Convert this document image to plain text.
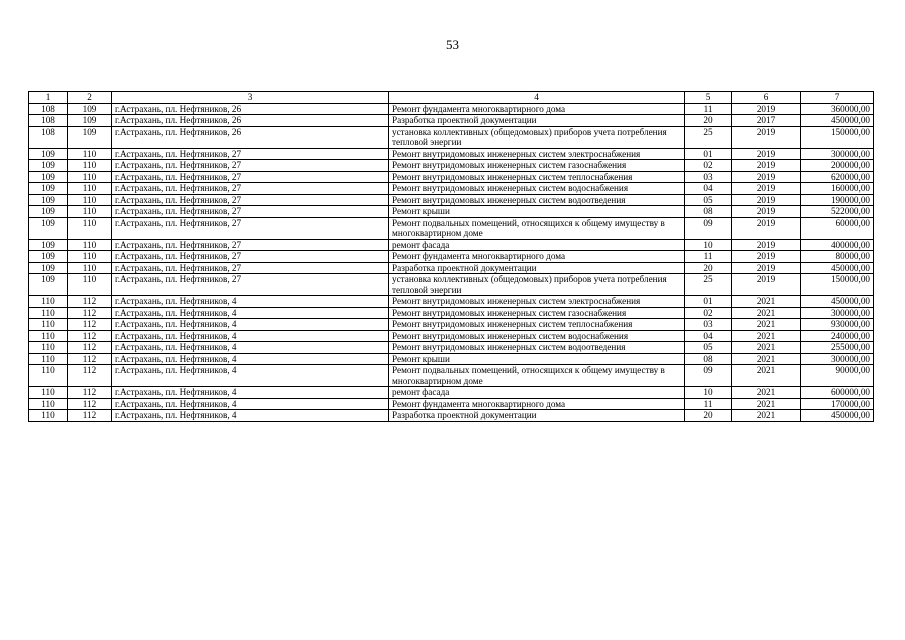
53
1	2	3	4	5	6	7
108	109	г.Астрахань, пл. Нефтяников, 26	Ремонт фундамента многоквартирного дома	11	2019	360000,00
108	109	г.Астрахань, пл. Нефтяников, 26	Разработка проектной документации	20	2017	450000,00
108	109	г.Астрахань, пл. Нефтяников, 26	установка коллективных (общедомовых) приборов учета потребления тепловой энергии	25	2019	150000,00
109	110	г.Астрахань, пл. Нефтяников, 27	Ремонт внутридомовых инженерных систем электроснабжения	01	2019	300000,00
109	110	г.Астрахань, пл. Нефтяников, 27	Ремонт внутридомовых инженерных систем газоснабжения	02	2019	200000,00
109	110	г.Астрахань, пл. Нефтяников, 27	Ремонт внутридомовых инженерных систем теплоснабжения	03	2019	620000,00
109	110	г.Астрахань, пл. Нефтяников, 27	Ремонт внутридомовых инженерных систем водоснабжения	04	2019	160000,00
109	110	г.Астрахань, пл. Нефтяников, 27	Ремонт внутридомовых инженерных систем водоотведения	05	2019	190000,00
109	110	г.Астрахань, пл. Нефтяников, 27	Ремонт крыши	08	2019	522000,00
109	110	г.Астрахань, пл. Нефтяников, 27	Ремонт подвальных помещений, относящихся к общему имуществу в многоквартирном доме	09	2019	60000,00
109	110	г.Астрахань, пл. Нефтяников, 27	ремонт фасада	10	2019	400000,00
109	110	г.Астрахань, пл. Нефтяников, 27	Ремонт фундамента многоквартирного дома	11	2019	80000,00
109	110	г.Астрахань, пл. Нефтяников, 27	Разработка проектной документации	20	2019	450000,00
109	110	г.Астрахань, пл. Нефтяников, 27	установка коллективных (общедомовых) приборов учета потребления тепловой энергии	25	2019	150000,00
110	112	г.Астрахань, пл. Нефтяников, 4	Ремонт внутридомовых инженерных систем электроснабжения	01	2021	450000,00
110	112	г.Астрахань, пл. Нефтяников, 4	Ремонт внутридомовых инженерных систем газоснабжения	02	2021	300000,00
110	112	г.Астрахань, пл. Нефтяников, 4	Ремонт внутридомовых инженерных систем теплоснабжения	03	2021	930000,00
110	112	г.Астрахань, пл. Нефтяников, 4	Ремонт внутридомовых инженерных систем водоснабжения	04	2021	240000,00
110	112	г.Астрахань, пл. Нефтяников, 4	Ремонт внутридомовых инженерных систем водоотведения	05	2021	255000,00
110	112	г.Астрахань, пл. Нефтяников, 4	Ремонт крыши	08	2021	300000,00
110	112	г.Астрахань, пл. Нефтяников, 4	Ремонт подвальных помещений, относящихся к общему имуществу в многоквартирном доме	09	2021	90000,00
110	112	г.Астрахань, пл. Нефтяников, 4	ремонт фасада	10	2021	600000,00
110	112	г.Астрахань, пл. Нефтяников, 4	Ремонт фундамента многоквартирного дома	11	2021	170000,00
110	112	г.Астрахань, пл. Нефтяников, 4	Разработка проектной документации	20	2021	450000,00
